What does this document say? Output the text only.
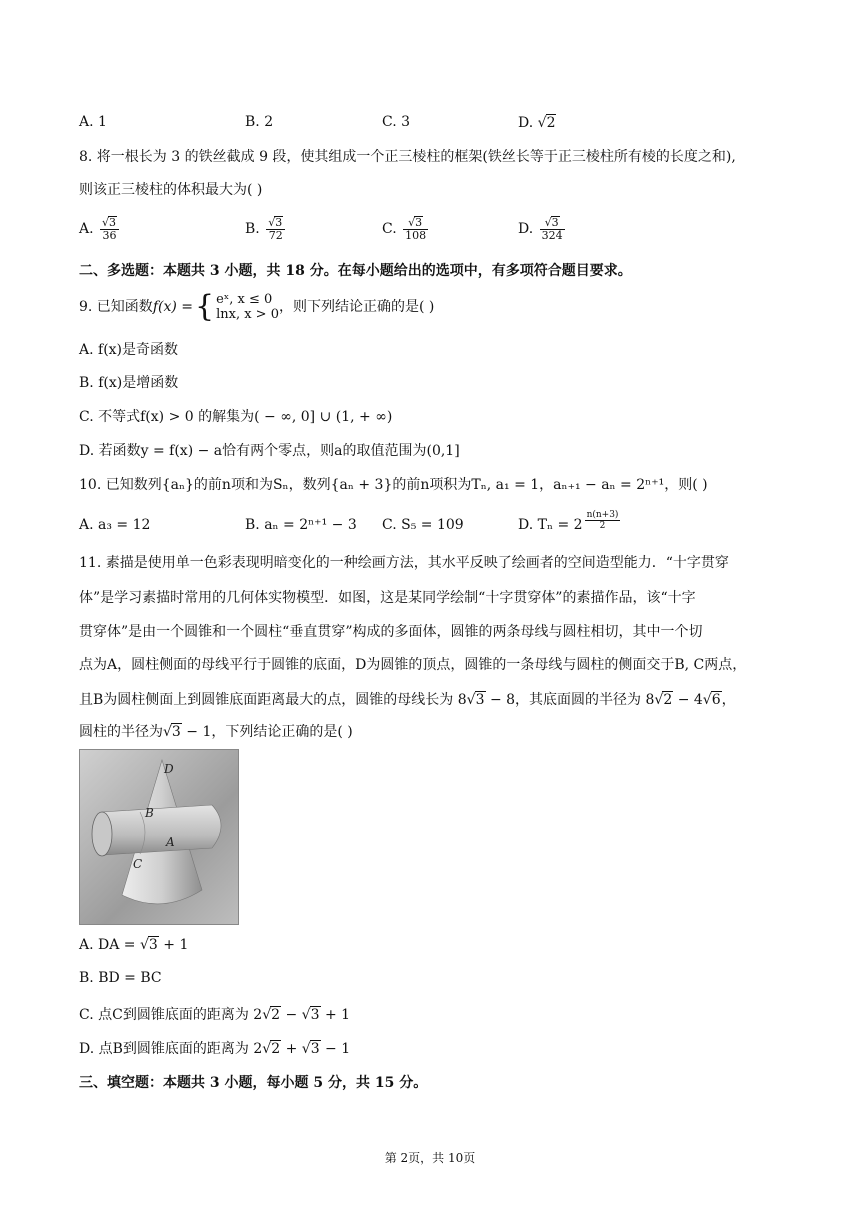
A. 1	B. 2	C. 3	D. √2
8. 将一根长为 3 的铁丝截成 9 段，使其组成一个正三棱柱的框架(铁丝长等于正三棱柱所有棱的长度之和),
则该正三棱柱的体积最大为( )
A. $\frac{√3}{36}$	B. $\frac{√3}{72}$	C. $\frac{√3}{108}$	D. $\frac{√3}{324}$
二、多选题：本题共 3 小题，共 18 分。在每小题给出的选项中，有多项符合题目要求。
9. 已知函数f(x) ={ eˣ, x ≤ 0
lnx, x > 0 ，则下列结论正确的是( )
A. f(x)是奇函数
B. f(x)是增函数
C. 不等式f(x) > 0 的解集为( − ∞, 0] ∪ (1, + ∞)
D. 若函数y = f(x) − a恰有两个零点，则a的取值范围为(0,1]
10. 已知数列{aₙ}的前n项和为Sₙ，数列{aₙ + 3}的前n项积为Tₙ, a₁ = 1，aₙ₊₁ − aₙ = 2ⁿ⁺¹，则( )
A. a₃ = 12	B. aₙ = 2ⁿ⁺¹ − 3 C. S₅ = 109	D. $T_n = 2 \frac{n(n+3)}{2}$
11. 素描是使用单一色彩表现明暗变化的一种绘画方法，其水平反映了绘画者的空间造型能力．“十字贯穿
体”是学习素描时常用的几何体实物模型．如图，这是某同学绘制“十字贯穿体”的素描作品，该“十字
贯穿体”是由一个圆锥和一个圆柱“垂直贯穿”构成的多面体，圆锥的两条母线与圆柱相切，其中一个切
点为A，圆柱侧面的母线平行于圆锥的底面，D为圆锥的顶点，圆锥的一条母线与圆柱的侧面交于B, C两点，
且B为圆柱侧面上到圆锥底面距离最大的点，圆锥的母线长为 8√3 − 8，其底面圆的半径为 8√2 − 4√6，
圆柱的半径为√3 − 1，下列结论正确的是( )
D
B
A
C
A. DA = √3 + 1
B. BD = BC
C. 点C到圆锥底面的距离为 2√2 − √3 + 1
D. 点B到圆锥底面的距离为 2√2 + √3 − 1
三、填空题：本题共 3 小题，每小题 5 分，共 15 分。
第 2页，共 10页
